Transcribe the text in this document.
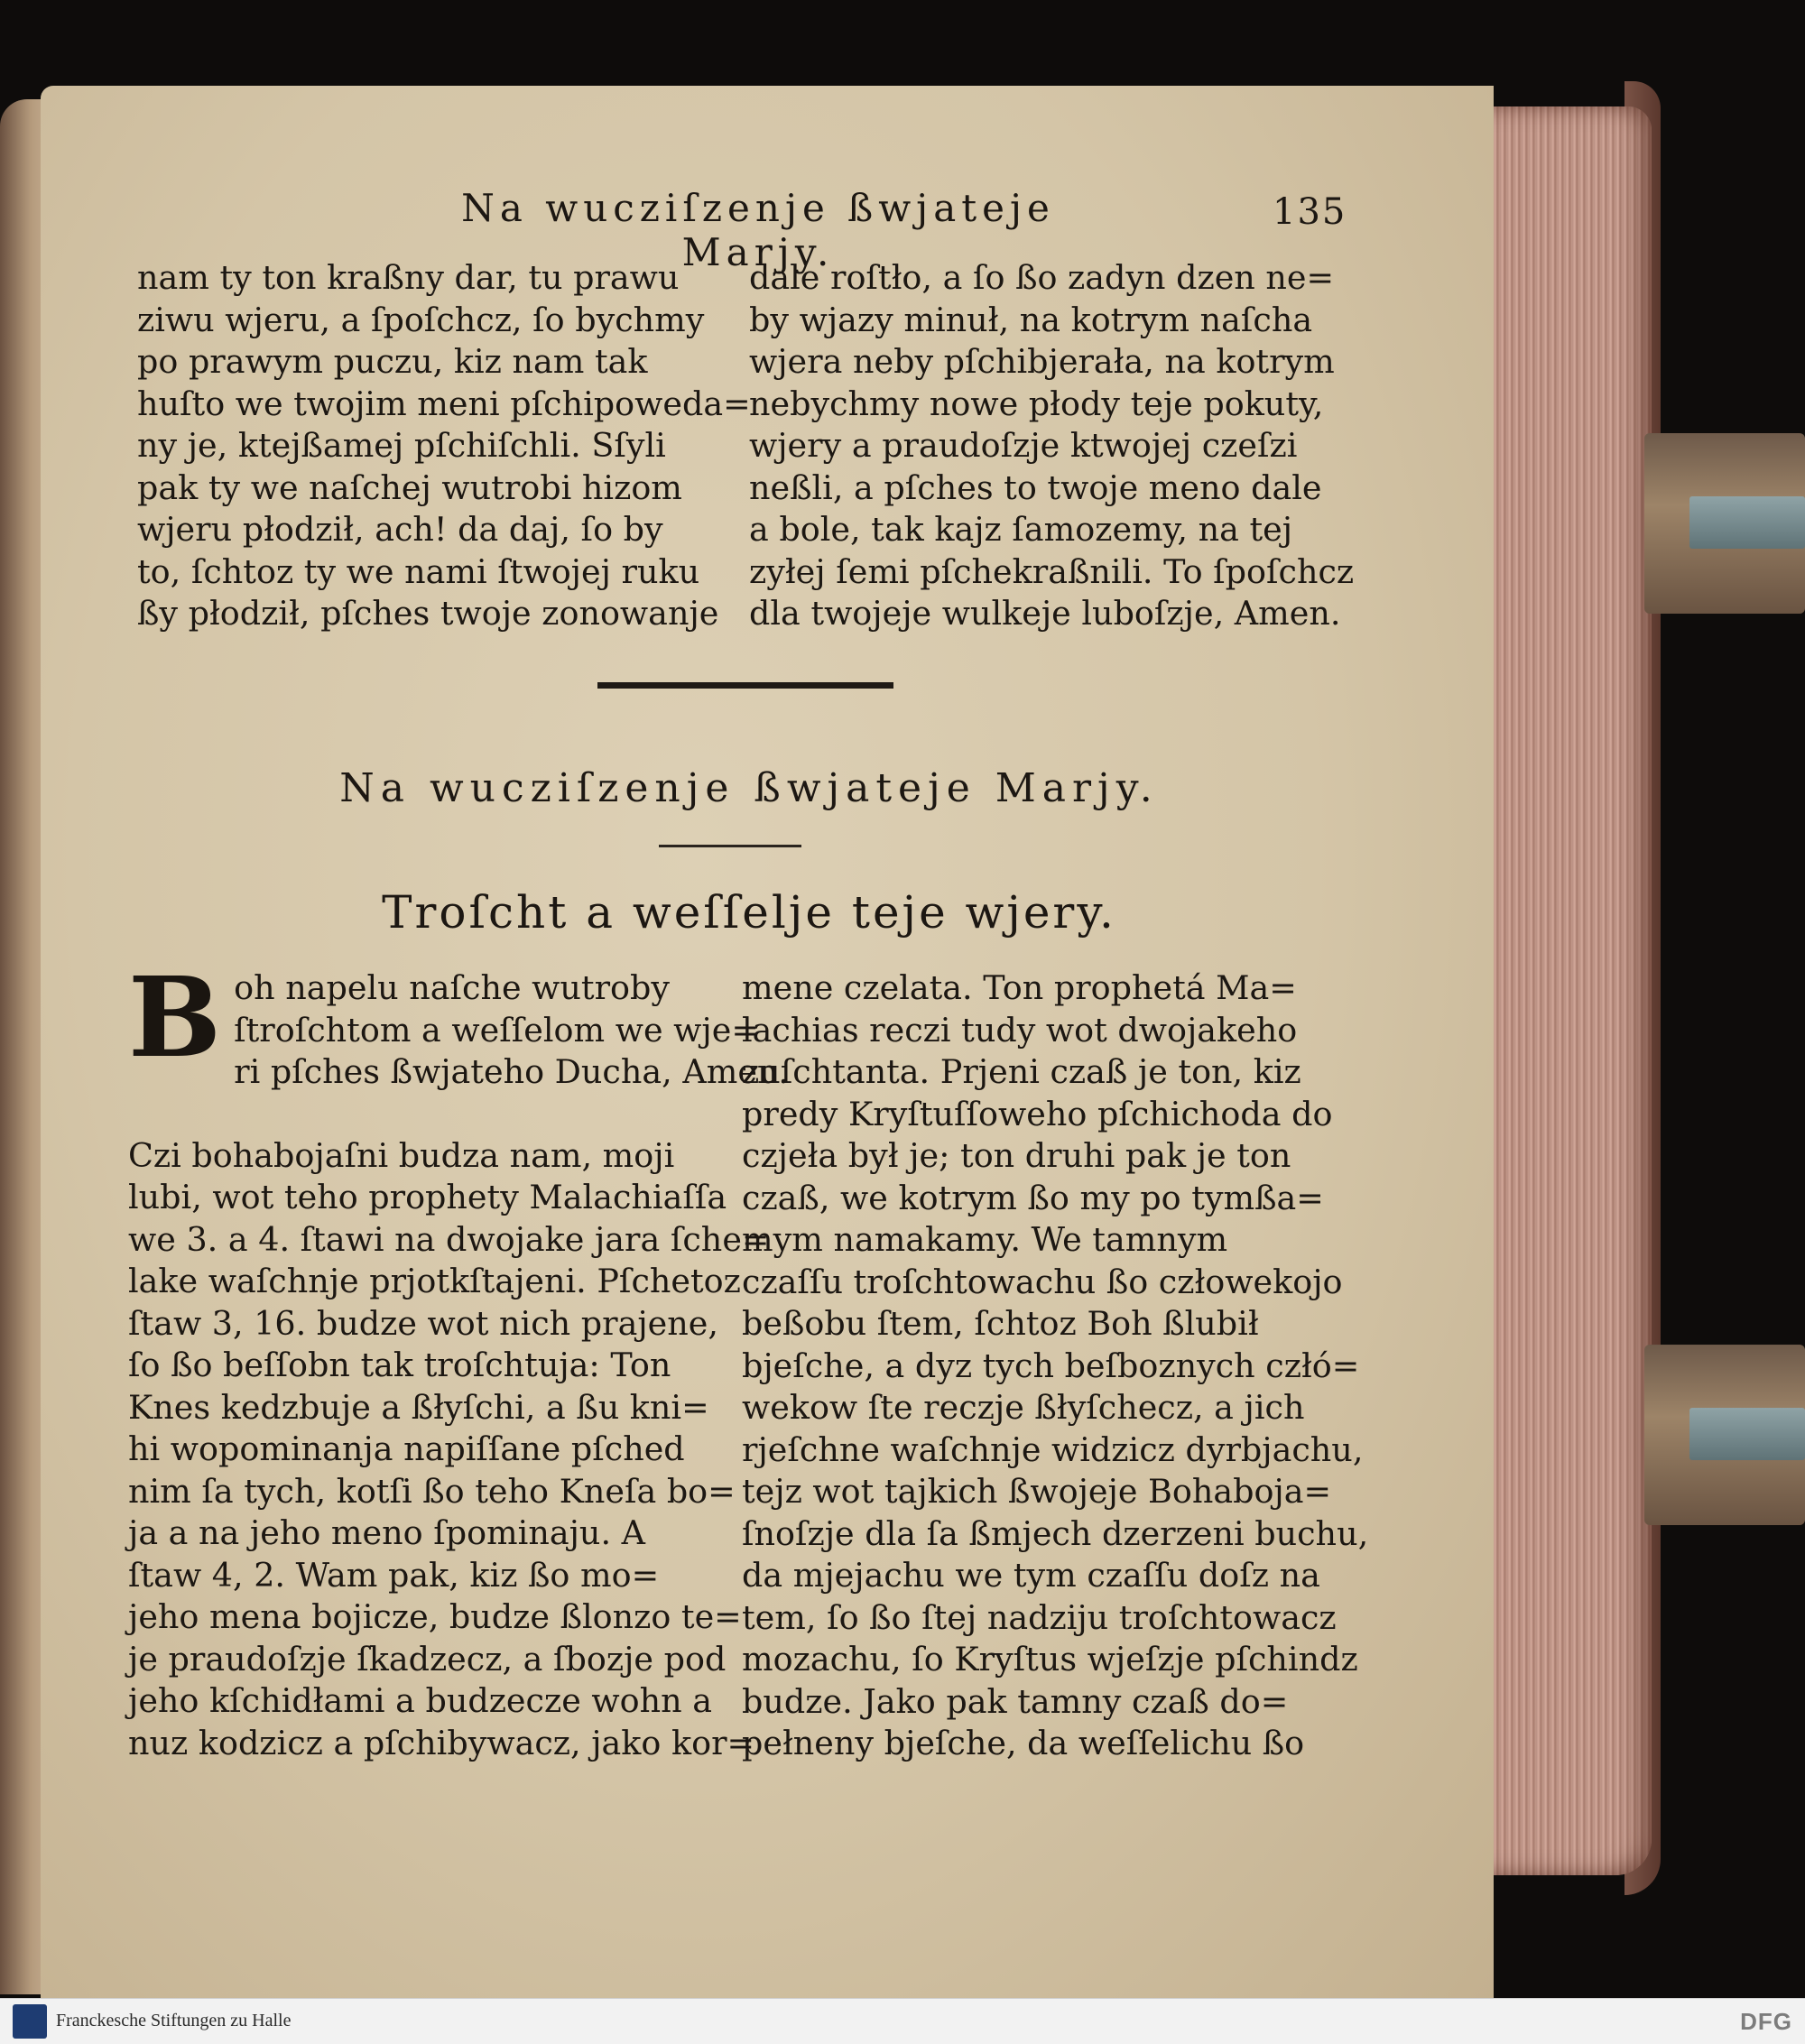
Na wucziſzenje ßwjateje Marjy.
135
nam ty ton kraßny dar, tu prawu
ziwu wjeru, a ſpoſchcz, ſo bychmy
po prawym puczu, kiz nam tak
huſto we twojim meni pſchipoweda=
ny je, ktejßamej pſchiſchli. Sſyli
pak ty we naſchej wutrobi hizom
wjeru płodził, ach! da daj, ſo by
to, ſchtoz ty we nami ſtwojej ruku
ßy płodził, pſches twoje zonowanje
dale roſtło, a ſo ßo zadyn dzen ne=
by wjazy minuł, na kotrym naſcha
wjera neby pſchibjerała, na kotrym
nebychmy nowe płody teje pokuty,
wjery a praudoſzje ktwojej czeſzi
neßli, a pſches to twoje meno dale
a bole, tak kajz ſamozemy, na tej
zyłej ſemi pſchekraßnili. To ſpoſchcz
dla twojeje wulkeje luboſzje, Amen.
Na wucziſzenje ßwjateje Marjy.
Troſcht a weſſelje teje wjery.
B oh napelu naſche wutroby
ſtroſchtom a weſſelom we wje=
ri pſches ßwjateho Ducha, Amen.
Czi bohabojaſni budza nam, moji
lubi, wot teho prophety Malachiaſſa
we 3. a 4. ſtawi na dwojake jara ſche=
lake waſchnje prjotkſtajeni. Pſchetoz
ſtaw 3, 16. budze wot nich prajene,
ſo ßo beſſobn tak troſchtuja: Ton
Knes kedzbuje a ßłyſchi, a ßu kni=
hi wopominanja napiſſane pſched
nim ſa tych, kotſi ßo teho Kneſa bo=
ja a na jeho meno ſpominaju. A
ſtaw 4, 2. Wam pak, kiz ßo mo=
jeho mena bojicze, budze ßlonzo te=
je praudoſzje ſkadzecz, a ſbozje pod
jeho kſchidłami a budzecze wohn a
nuz kodzicz a pſchibywacz, jako kor=
mene czelata. Ton prophetá Ma=
lachias reczi tudy wot dwojakeho
zuſchtanta. Prjeni czaß je ton, kiz
predy Kryſtuſſoweho pſchichoda do
czjeła był je; ton druhi pak je ton
czaß, we kotrym ßo my po tymßa=
mym namakamy. We tamnym
czaſſu troſchtowachu ßo człowekojo
beßobu ſtem, ſchtoz Boh ßlubił
bjeſche, a dyz tych beſboznych człó=
wekow ſte reczje ßłyſchecz, a jich
rjeſchne waſchnje widzicz dyrbjachu,
tejz wot tajkich ßwojeje Bohaboja=
ſnoſzje dla ſa ßmjech dzerzeni buchu,
da mjejachu we tym czaſſu doſz na
tem, ſo ßo ſtej nadziju troſchtowacz
mozachu, ſo Kryſtus wjeſzje pſchindz
budze. Jako pak tamny czaß do=
pełneny bjeſche, da weſſelichu ßo
Franckesche Stiftungen zu Halle	DFG
